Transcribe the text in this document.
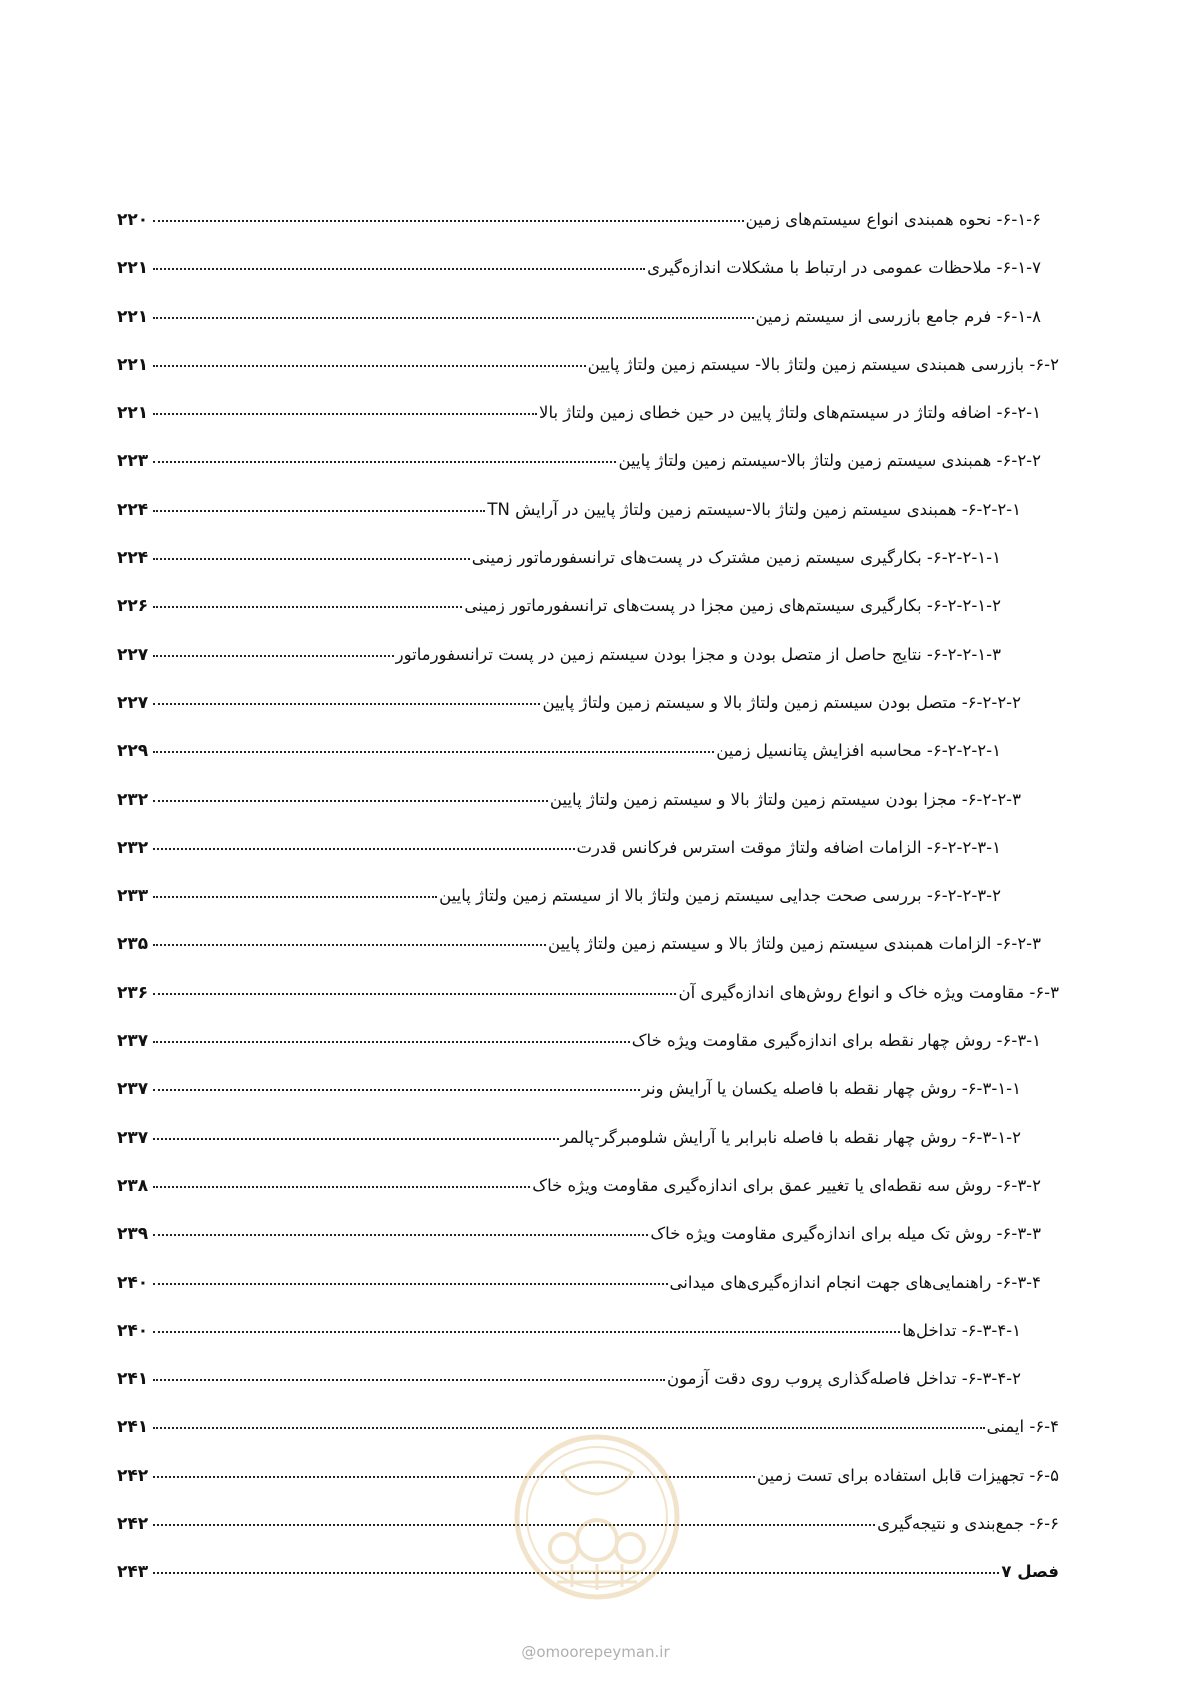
۶-۱-۶- نحوه همبندی انواع سیستم‌های زمین
۲۲۰
۶-۱-۷- ملاحظات عمومی در ارتباط با مشکلات اندازه‌گیری
۲۲۱
۶-۱-۸- فرم جامع بازرسی از سیستم زمین
۲۲۱
۶-۲- بازرسی همبندی سیستم زمین ولتاژ بالا- سیستم زمین ولتاژ پایین
۲۲۱
۶-۲-۱- اضافه ولتاژ در سیستم‌های ولتاژ پایین در حین خطای زمین ولتاژ بالا
۲۲۱
۶-۲-۲- همبندی سیستم زمین ولتاژ بالا-سیستم زمین ولتاژ پایین
۲۲۳
۶-۲-۲-۱- همبندی سیستم زمین ولتاژ بالا-سیستم زمین ولتاژ پایین در آرایش TN
۲۲۴
۶-۲-۲-۱-۱- بکارگیری سیستم زمین مشترک در پست‌های ترانسفورماتور زمینی
۲۲۴
۶-۲-۲-۱-۲- بکارگیری سیستم‌های زمین مجزا در پست‌های ترانسفورماتور زمینی
۲۲۶
۶-۲-۲-۱-۳- نتایج حاصل از متصل بودن و مجزا بودن سیستم زمین در پست ترانسفورماتور
۲۲۷
۶-۲-۲-۲- متصل بودن سیستم زمین ولتاژ بالا و سیستم زمین ولتاژ پایین
۲۲۷
۶-۲-۲-۲-۱- محاسبه افزایش پتانسیل زمین
۲۲۹
۶-۲-۲-۳- مجزا بودن سیستم زمین ولتاژ بالا و سیستم زمین ولتاژ پایین
۲۳۲
۶-۲-۲-۳-۱- الزامات اضافه ولتاژ موقت استرس فرکانس قدرت
۲۳۲
۶-۲-۲-۳-۲- بررسی صحت جدایی سیستم زمین ولتاژ بالا از سیستم زمین ولتاژ پایین
۲۳۳
۶-۲-۳- الزامات همبندی سیستم زمین ولتاژ بالا و سیستم زمین ولتاژ پایین
۲۳۵
۶-۳- مقاومت ویژه خاک و انواع روش‌های اندازه‌گیری آن
۲۳۶
۶-۳-۱- روش چهار نقطه برای اندازه‌گیری مقاومت ویژه خاک
۲۳۷
۶-۳-۱-۱- روش چهار نقطه با فاصله یکسان یا آرایش ونر
۲۳۷
۶-۳-۱-۲- روش چهار نقطه با فاصله نابرابر یا آرایش شلومبرگر-پالمر
۲۳۷
۶-۳-۲- روش سه نقطه‌ای یا تغییر عمق برای اندازه‌گیری مقاومت ویژه خاک
۲۳۸
۶-۳-۳- روش تک میله برای اندازه‌گیری مقاومت ویژه خاک
۲۳۹
۶-۳-۴- راهنمایی‌های جهت انجام اندازه‌گیری‌های میدانی
۲۴۰
۶-۳-۴-۱- تداخل‌ها
۲۴۰
۶-۳-۴-۲- تداخل فاصله‌گذاری پروب روی دقت آزمون
۲۴۱
۶-۴- ایمنی
۲۴۱
۶-۵- تجهیزات قابل استفاده برای تست زمین
۲۴۲
۶-۶- جمع‌بندی و نتیجه‌گیری
۲۴۲
فصل ۷
۲۴۳
@omoorepeyman.ir
